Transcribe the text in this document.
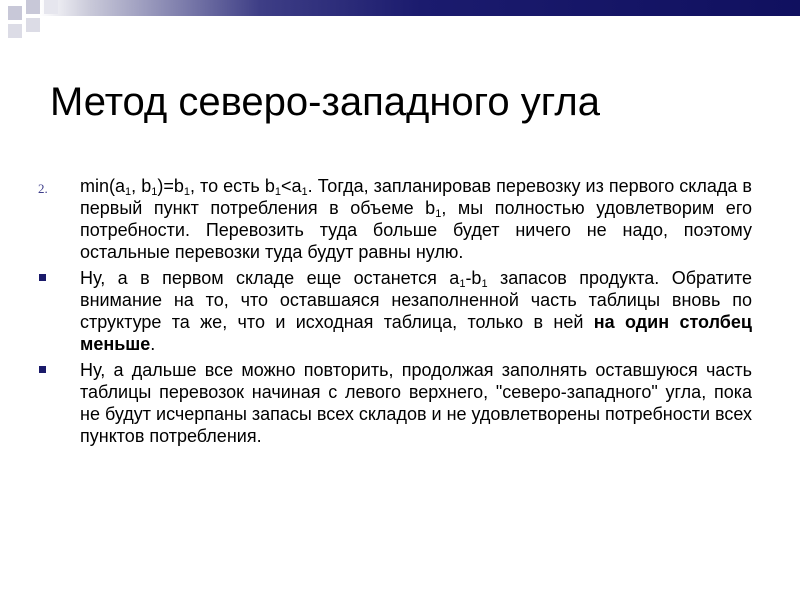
Метод северо-западного угла
2. $\min(a_1$, $b_1)=b_1$, то есть $b_1<a_1$. Тогда, запланировав перевозку из первого склада в первый пункт потребления в объеме $b_1$, мы полностью удовлетворим его потребности. Перевозить туда больше будет ничего не надо, поэтому остальные перевозки туда будут равны нулю.
Ну, а в первом складе еще останется $a_1-b_1$ запасов продукта. Обратите внимание на то, что оставшаяся незаполненной часть таблицы вновь по структуре та же, что и исходная таблица, только в ней на один столбец меньше.
Ну, а дальше все можно повторить, продолжая заполнять оставшуюся часть таблицы перевозок начиная с левого верхнего, "северо-западного" угла, пока не будут исчерпаны запасы всех складов и не удовлетворены потребности всех пунктов потребления.
